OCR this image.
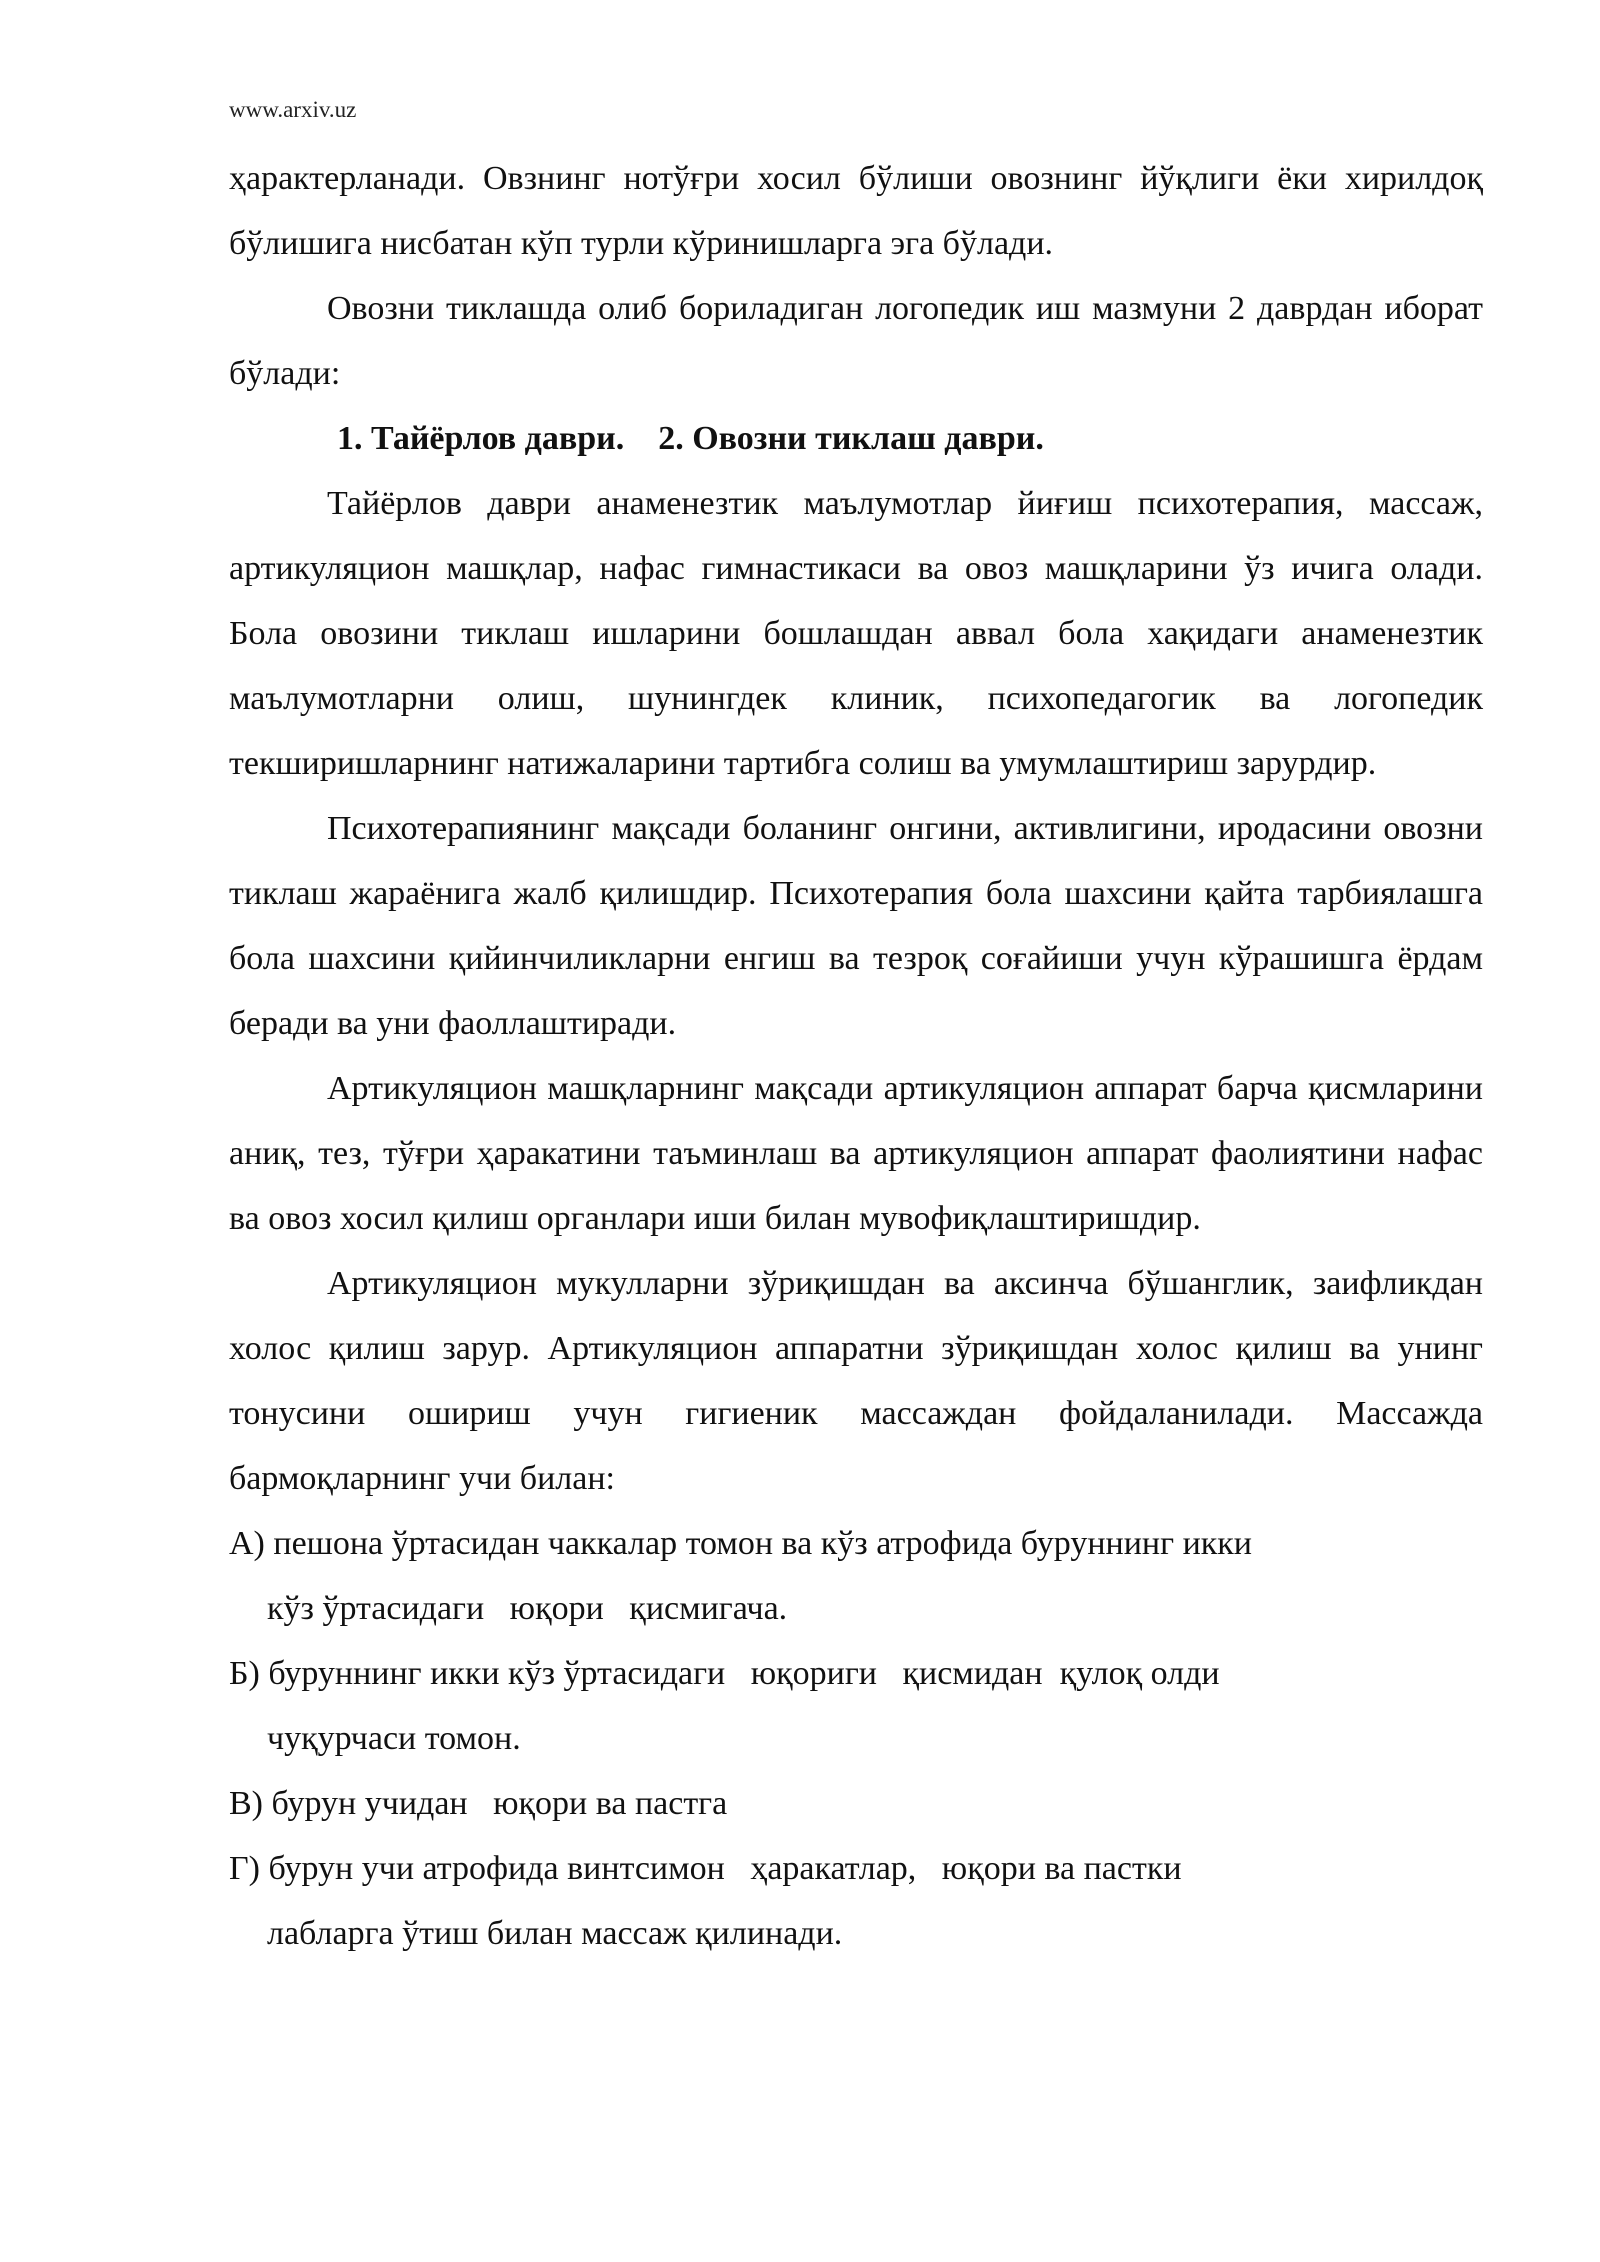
www.arxiv.uz

ҳарактерланади. Овзнинг нотўғри хосил бўлиши овознинг йўқлиги ёки хирилдоқ бўлишига нисбатан кўп турли кўринишларга эга бўлади.

Овозни тиклашда олиб бориладиган логопедик иш мазмуни 2 даврдан иборат бўлади:

1. Тайёрлов даври.    2. Овозни тиклаш даври.

Тайёрлов даври анаменезтик маълумотлар йиғиш психотерапия, массаж, артикуляцион машқлар, нафас гимнастикаси ва овоз машқларини ўз ичига олади. Бола овозини тиклаш ишларини бошлашдан аввал бола хақидаги анаменезтик маълумотларни олиш, шунингдек клиник, психопедагогик ва логопедик текширишларнинг натижаларини тартибга солиш ва умумлаштириш зарурдир.

Психотерапиянинг мақсади боланинг онгини, активлигини, иродасини овозни тиклаш жараёнига жалб қилишдир. Психотерапия бола шахсини қайта тарбиялашга бола шахсини қийинчиликларни енгиш ва тезроқ соғайиши учун кўрашишга ёрдам беради ва уни фаоллаштиради.

Артикуляцион машқларнинг мақсади артикуляцион аппарат барча қисмларини аниқ, тез, тўғри ҳаракатини таъминлаш ва артикуляцион аппарат фаолиятини нафас ва овоз хосил қилиш органлари иши билан мувофиқлаштиришдир.

Артикуляцион мукулларни зўриқишдан ва аксинча бўшанглик, заифликдан холос қилиш зарур. Артикуляцион аппаратни зўриқишдан холос қилиш ва унинг тонусини ошириш учун гигиеник массаждан фойдаланилади. Массажда бармоқларнинг учи билан:

А) пешона ўртасидан чаккалар томон ва кўз атрофида буруннинг икки
кўз ўртасидаги   юқори   қисмигача.
Б) буруннинг икки кўз ўртасидаги   юқориги   қисмидан  қулоқ олди
чуқурчаси томон.
В) бурун учидан   юқори ва пастга
Г) бурун учи атрофида винтсимон   ҳаракатлар,   юқори ва пастки
лабларга ўтиш билан массаж қилинади.
